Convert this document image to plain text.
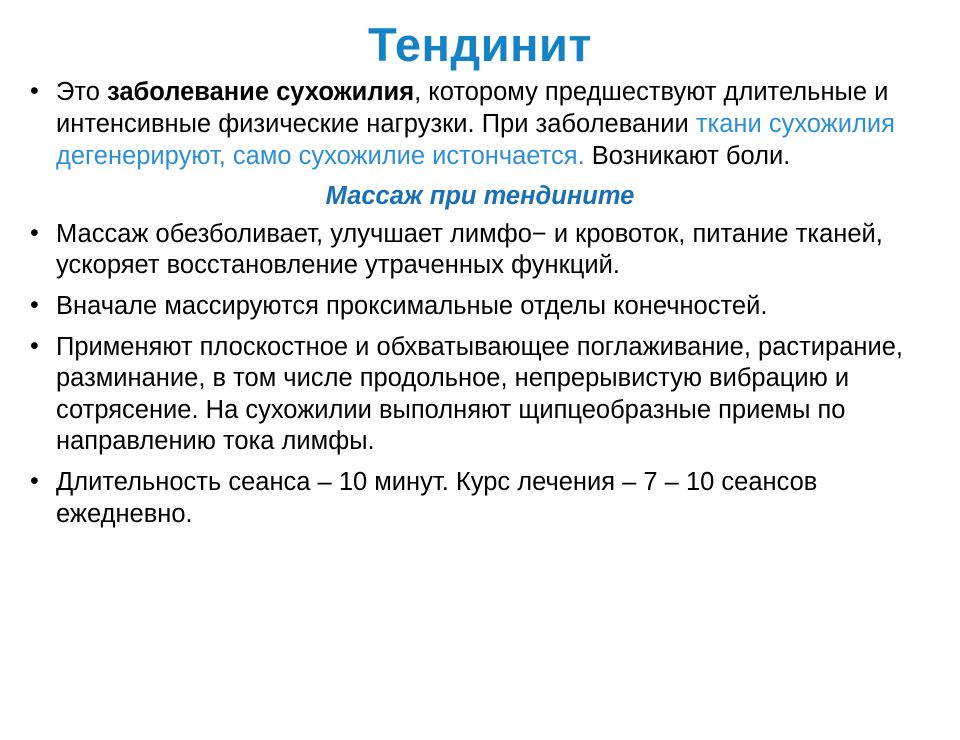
Тендинит
• Это заболевание сухожилия, которому предшествуют длительные и интенсивные физические нагрузки. При заболевании ткани сухожилия дегенерируют, само сухожилие истончается. Возникают боли.
Массаж при тендините
• Массаж обезболивает, улучшает лимфо− и кровоток, питание тканей, ускоряет восстановление утраченных функций.
• Вначале массируются проксимальные отделы конечностей.
• Применяют плоскостное и обхватывающее поглаживание, растирание, разминание, в том числе продольное, непрерывистую вибрацию и сотрясение. На сухожилии выполняют щипцеобразные приемы по направлению тока лимфы.
• Длительность сеанса – 10 минут. Курс лечения – 7 – 10 сеансов ежедневно.
